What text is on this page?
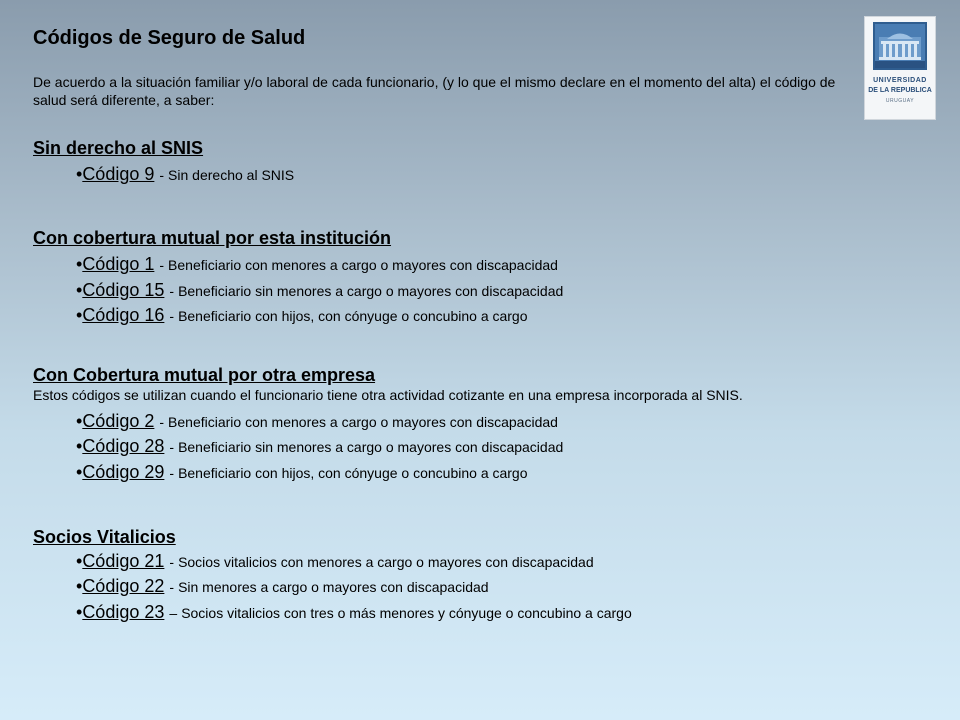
Códigos de Seguro de Salud

De acuerdo a la situación familiar y/o laboral de cada funcionario, (y lo que el mismo declare en el momento del alta) el código de salud será diferente, a saber:

UNIVERSIDAD
DE LA REPUBLICA
URUGUAY
Sin derecho al SNIS
• Código 9 - Sin derecho al SNIS
Con cobertura mutual por esta institución
• Código 1 - Beneficiario con menores a cargo o mayores con discapacidad
• Código 15 - Beneficiario sin menores a cargo o mayores con discapacidad
• Código 16 - Beneficiario con hijos, con cónyuge o concubino a cargo
Con Cobertura mutual por otra empresa

Estos códigos se utilizan cuando el funcionario tiene otra actividad cotizante en una empresa incorporada al SNIS.

• Código 2 - Beneficiario con menores a cargo o mayores con discapacidad
• Código 28 - Beneficiario sin menores a cargo o mayores con discapacidad
• Código 29 - Beneficiario con hijos, con cónyuge o concubino a cargo
Socios Vitalicios
• Código 21 - Socios vitalicios con menores a cargo o mayores con discapacidad
• Código 22 - Sin menores a cargo o mayores con discapacidad
• Código 23 – Socios vitalicios con tres o más menores y cónyuge o concubino a cargo
